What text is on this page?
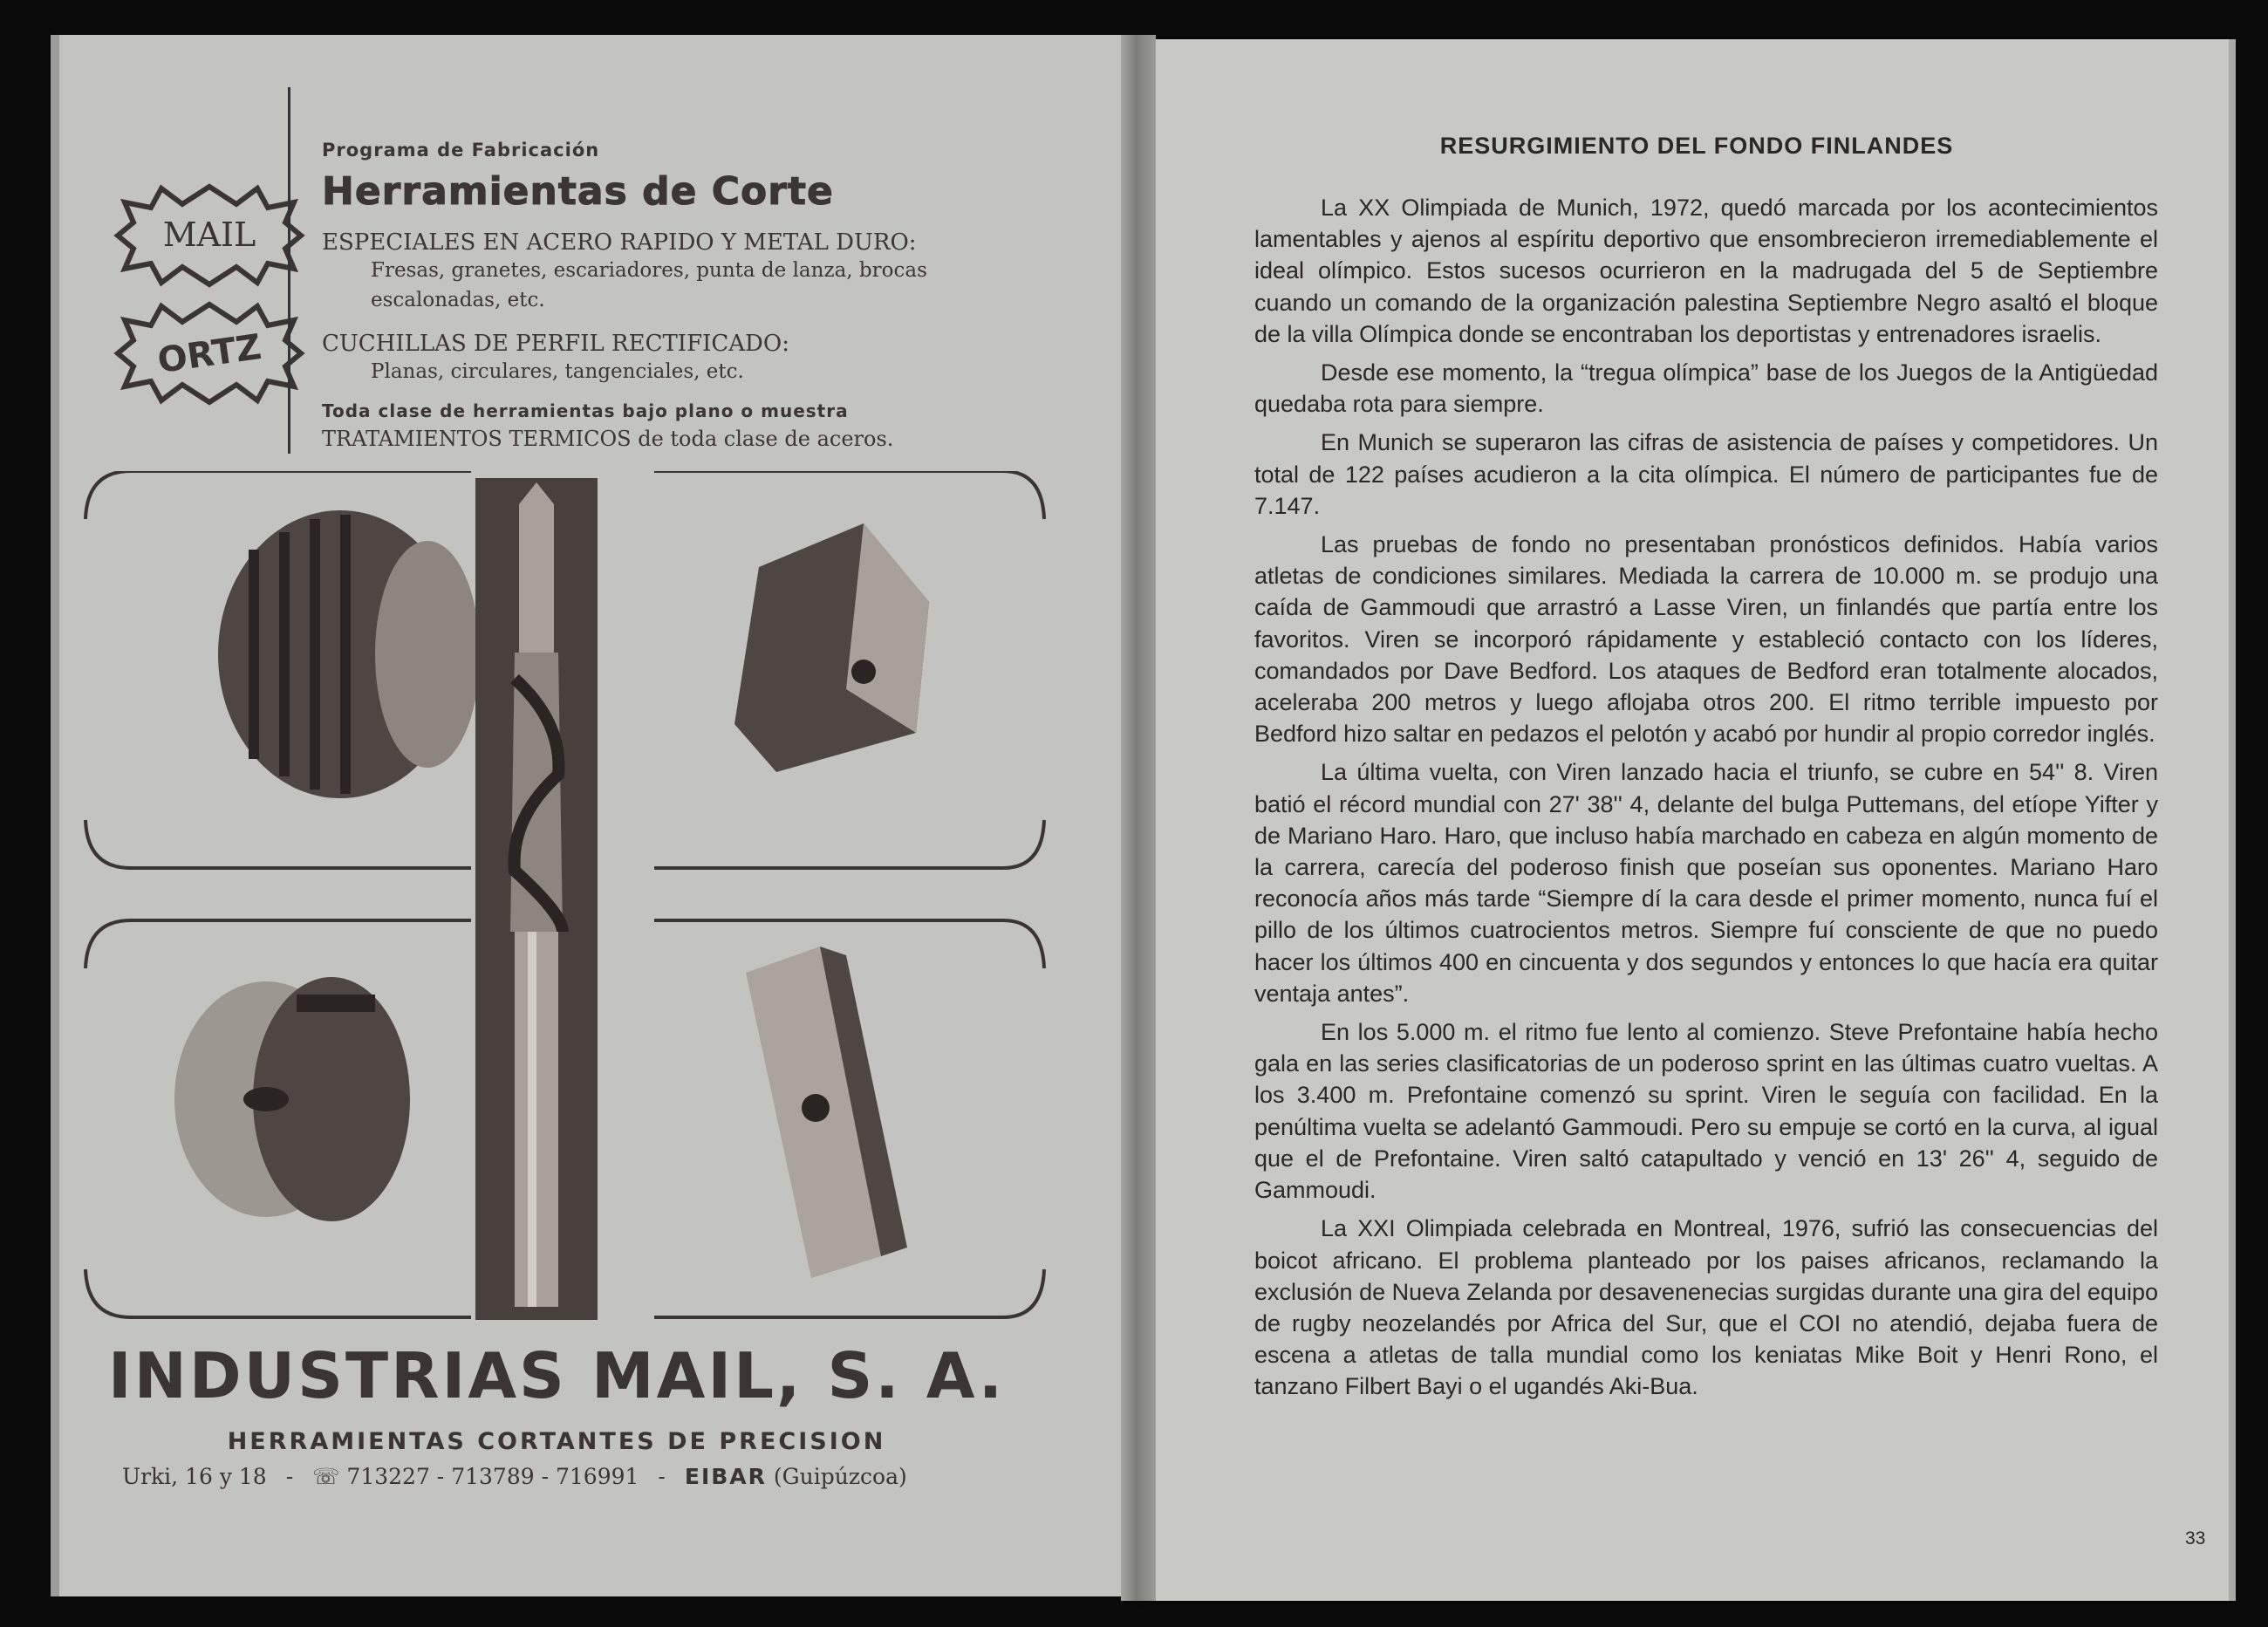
MAIL
ORTZ
Programa de Fabricación
Herramientas de Corte
ESPECIALES EN ACERO RAPIDO Y METAL DURO:
Fresas, granetes, escariadores, punta de lanza, brocas escalonadas, etc.
CUCHILLAS DE PERFIL RECTIFICADO:
Planas, circulares, tangenciales, etc.
Toda clase de herramientas bajo plano o muestra
TRATAMIENTOS TERMICOS de toda clase de aceros.
INDUSTRIAS MAIL, S. A.
HERRAMIENTAS CORTANTES DE PRECISION
Urki, 16 y 18 - ☏ 713227 - 713789 - 716991 - EIBAR (Guipúzcoa)
RESURGIMIENTO DEL FONDO FINLANDES

La XX Olimpiada de Munich, 1972, quedó marcada por los acontecimientos lamentables y ajenos al espíritu deportivo que ensombrecieron irremediablemente el ideal olímpico. Estos sucesos ocurrieron en la madrugada del 5 de Septiembre cuando un comando de la organización palestina Septiembre Negro asaltó el bloque de la villa Olímpica donde se encontraban los deportistas y entrenadores israelis.

Desde ese momento, la “tregua olímpica” base de los Juegos de la Antigüedad quedaba rota para siempre.

En Munich se superaron las cifras de asistencia de países y competidores. Un total de 122 países acudieron a la cita olímpica. El número de participantes fue de 7.147.

Las pruebas de fondo no presentaban pronósticos definidos. Había varios atletas de condiciones similares. Mediada la carrera de 10.000 m. se produjo una caída de Gammoudi que arrastró a Lasse Viren, un finlandés que partía entre los favoritos. Viren se incorporó rápidamente y estableció contacto con los líderes, comandados por Dave Bedford. Los ataques de Bedford eran totalmente alocados, aceleraba 200 metros y luego aflojaba otros 200. El ritmo terrible impuesto por Bedford hizo saltar en pedazos el pelotón y acabó por hundir al propio corredor inglés.

La última vuelta, con Viren lanzado hacia el triunfo, se cubre en 54'' 8. Viren batió el récord mundial con 27' 38'' 4, delante del bulga Puttemans, del etíope Yifter y de Mariano Haro. Haro, que incluso había marchado en cabeza en algún momento de la carrera, carecía del poderoso finish que poseían sus oponentes. Mariano Haro reconocía años más tarde “Siempre dí la cara desde el primer momento, nunca fuí el pillo de los últimos cuatrocientos metros. Siempre fuí consciente de que no puedo hacer los últimos 400 en cincuenta y dos segundos y entonces lo que hacía era quitar ventaja antes”.

En los 5.000 m. el ritmo fue lento al comienzo. Steve Prefontaine había hecho gala en las series clasificatorias de un poderoso sprint en las últimas cuatro vueltas. A los 3.400 m. Prefontaine comenzó su sprint. Viren le seguía con facilidad. En la penúltima vuelta se adelantó Gammoudi. Pero su empuje se cortó en la curva, al igual que el de Prefontaine. Viren saltó catapultado y venció en 13' 26'' 4, seguido de Gammoudi.

La XXI Olimpiada celebrada en Montreal, 1976, sufrió las consecuencias del boicot africano. El problema planteado por los paises africanos, reclamando la exclusión de Nueva Zelanda por desavenenecias surgidas durante una gira del equipo de rugby neozelandés por Africa del Sur, que el COI no atendió, dejaba fuera de escena a atletas de talla mundial como los keniatas Mike Boit y Henri Rono, el tanzano Filbert Bayi o el ugandés Aki-Bua.

33
